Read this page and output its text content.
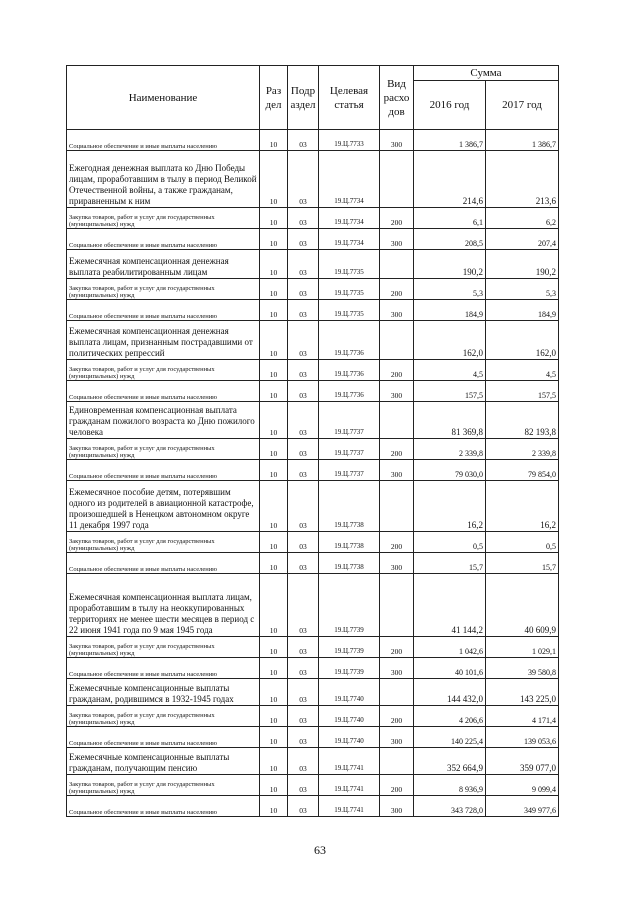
Наименование	Раз дел	Подр аздел	Целевая статья	Вид расхо дов	Сумма	
					2016 год	2017 год
Социальное обеспечение и иные выплаты населению	10	03	19.Ц.7733	300	1 386,7	1 386,7
Ежегодная денежная выплата ко Дню Победы лицам, проработавшим в тылу в период Великой Отечественной войны, а также гражданам, приравненным к ним	10	03	19.Ц.7734		214,6	213,6
Закупка товаров, работ и услуг для государственных (муниципальных) нужд	10	03	19.Ц.7734	200	6,1	6,2
Социальное обеспечение и иные выплаты населению	10	03	19.Ц.7734	300	208,5	207,4
Ежемесячная компенсационная денежная выплата реабилитированным лицам	10	03	19.Ц.7735		190,2	190,2
Закупка товаров, работ и услуг для государственных (муниципальных) нужд	10	03	19.Ц.7735	200	5,3	5,3
Социальное обеспечение и иные выплаты населению	10	03	19.Ц.7735	300	184,9	184,9
Ежемесячная компенсационная денежная выплата лицам, признанным пострадавшими от политических репрессий	10	03	19.Ц.7736		162,0	162,0
Закупка товаров, работ и услуг для государственных (муниципальных) нужд	10	03	19.Ц.7736	200	4,5	4,5
Социальное обеспечение и иные выплаты населению	10	03	19.Ц.7736	300	157,5	157,5
Единовременная компенсационная выплата гражданам пожилого возраста ко Дню пожилого человека	10	03	19.Ц.7737		81 369,8	82 193,8
Закупка товаров, работ и услуг для государственных (муниципальных) нужд	10	03	19.Ц.7737	200	2 339,8	2 339,8
Социальное обеспечение и иные выплаты населению	10	03	19.Ц.7737	300	79 030,0	79 854,0
Ежемесячное пособие детям, потерявшим одного из родителей в авиационной катастрофе, произошедшей в Ненецком автономном округе 11 декабря 1997 года	10	03	19.Ц.7738		16,2	16,2
Закупка товаров, работ и услуг для государственных (муниципальных) нужд	10	03	19.Ц.7738	200	0,5	0,5
Социальное обеспечение и иные выплаты населению	10	03	19.Ц.7738	300	15,7	15,7
Ежемесячная компенсационная выплата лицам, проработавшим в тылу на неоккупированных территориях не менее шести месяцев в период с 22 июня 1941 года по 9 мая 1945 года	10	03	19.Ц.7739		41 144,2	40 609,9
Закупка товаров, работ и услуг для государственных (муниципальных) нужд	10	03	19.Ц.7739	200	1 042,6	1 029,1
Социальное обеспечение и иные выплаты населению	10	03	19.Ц.7739	300	40 101,6	39 580,8
Ежемесячные компенсационные выплаты гражданам, родившимся в 1932-1945 годах	10	03	19.Ц.7740		144 432,0	143 225,0
Закупка товаров, работ и услуг для государственных (муниципальных) нужд	10	03	19.Ц.7740	200	4 206,6	4 171,4
Социальное обеспечение и иные выплаты населению	10	03	19.Ц.7740	300	140 225,4	139 053,6
Ежемесячные компенсационные выплаты гражданам, получающим пенсию	10	03	19.Ц.7741		352 664,9	359 077,0
Закупка товаров, работ и услуг для государственных (муниципальных) нужд	10	03	19.Ц.7741	200	8 936,9	9 099,4
Социальное обеспечение и иные выплаты населению	10	03	19.Ц.7741	300	343 728,0	349 977,6
63
